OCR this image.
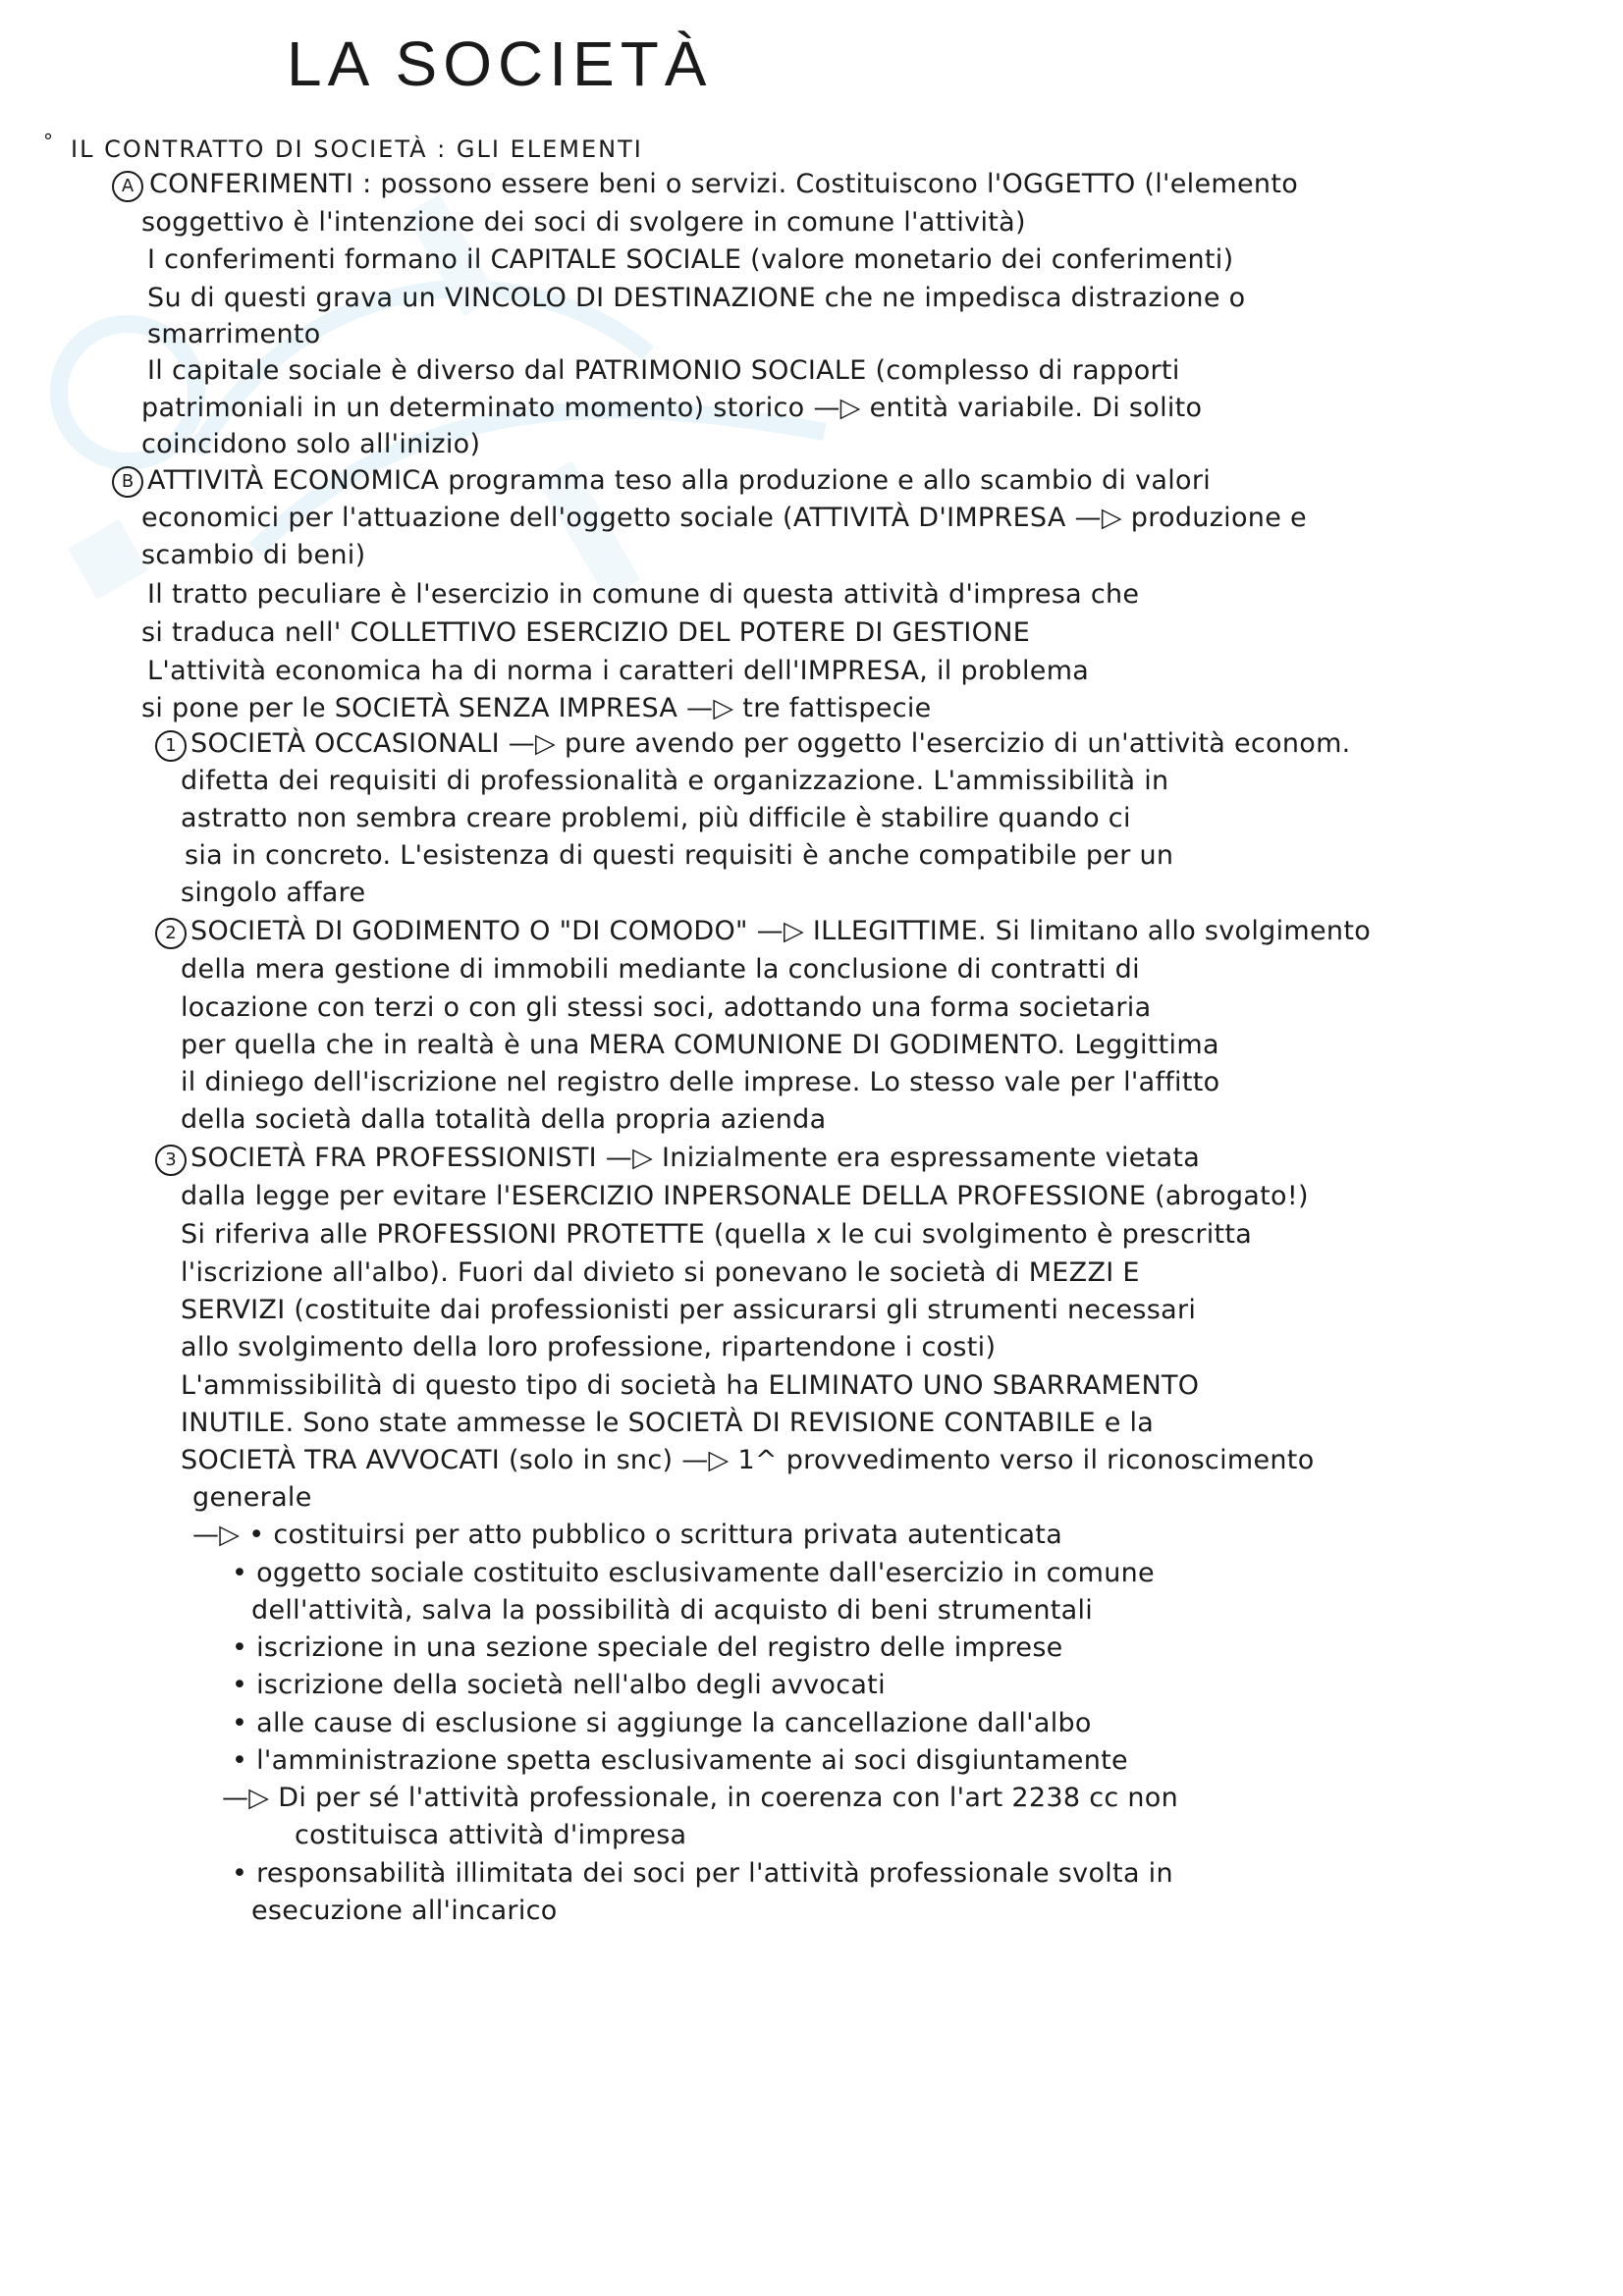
LA SOCIETÀ
° IL CONTRATTO DI SOCIETÀ : GLI ELEMENTI
A CONFERIMENTI : possono essere beni o servizi. Costituiscono l'OGGETTO (l'elemento
soggettivo è l'intenzione dei soci di svolgere in comune l'attività)
I conferimenti formano il CAPITALE SOCIALE (valore monetario dei conferimenti)
Su di questi grava un VINCOLO DI DESTINAZIONE che ne impedisca distrazione o
smarrimento
Il capitale sociale è diverso dal PATRIMONIO SOCIALE (complesso di rapporti
patrimoniali in un determinato momento) storico —▷ entità variabile. Di solito
coincidono solo all'inizio)
B ATTIVITÀ ECONOMICA programma teso alla produzione e allo scambio di valori
economici per l'attuazione dell'oggetto sociale (ATTIVITÀ D'IMPRESA —▷ produzione e
scambio di beni)
Il tratto peculiare è l'esercizio in comune di questa attività d'impresa che
si traduca nell' COLLETTIVO ESERCIZIO DEL POTERE DI GESTIONE
L'attività economica ha di norma i caratteri dell'IMPRESA, il problema
si pone per le SOCIETÀ SENZA IMPRESA —▷ tre fattispecie
1 SOCIETÀ OCCASIONALI —▷ pure avendo per oggetto l'esercizio di un'attività econom.
difetta dei requisiti di professionalità e organizzazione. L'ammissibilità in
astratto non sembra creare problemi, più difficile è stabilire quando ci
sia in concreto. L'esistenza di questi requisiti è anche compatibile per un
singolo affare
2 SOCIETÀ DI GODIMENTO O "DI COMODO" —▷ ILLEGITTIME. Si limitano allo svolgimento
della mera gestione di immobili mediante la conclusione di contratti di
locazione con terzi o con gli stessi soci, adottando una forma societaria
per quella che in realtà è una MERA COMUNIONE DI GODIMENTO. Leggittima
il diniego dell'iscrizione nel registro delle imprese. Lo stesso vale per l'affitto
della società dalla totalità della propria azienda
3 SOCIETÀ FRA PROFESSIONISTI —▷ Inizialmente era espressamente vietata
dalla legge per evitare l'ESERCIZIO INPERSONALE DELLA PROFESSIONE (abrogato!)
Si riferiva alle PROFESSIONI PROTETTE (quella x le cui svolgimento è prescritta
l'iscrizione all'albo). Fuori dal divieto si ponevano le società di MEZZI E
SERVIZI (costituite dai professionisti per assicurarsi gli strumenti necessari
allo svolgimento della loro professione, ripartendone i costi)
L'ammissibilità di questo tipo di società ha ELIMINATO UNO SBARRAMENTO
INUTILE. Sono state ammesse le SOCIETÀ DI REVISIONE CONTABILE e la
SOCIETÀ TRA AVVOCATI (solo in snc) —▷ 1^ provvedimento verso il riconoscimento
generale
—▷ • costituirsi per atto pubblico o scrittura privata autenticata
• oggetto sociale costituito esclusivamente dall'esercizio in comune
dell'attività, salva la possibilità di acquisto di beni strumentali
• iscrizione in una sezione speciale del registro delle imprese
• iscrizione della società nell'albo degli avvocati
• alle cause di esclusione si aggiunge la cancellazione dall'albo
• l'amministrazione spetta esclusivamente ai soci disgiuntamente
—▷ Di per sé l'attività professionale, in coerenza con l'art 2238 cc non
costituisca attività d'impresa
• responsabilità illimitata dei soci per l'attività professionale svolta in
esecuzione all'incarico
